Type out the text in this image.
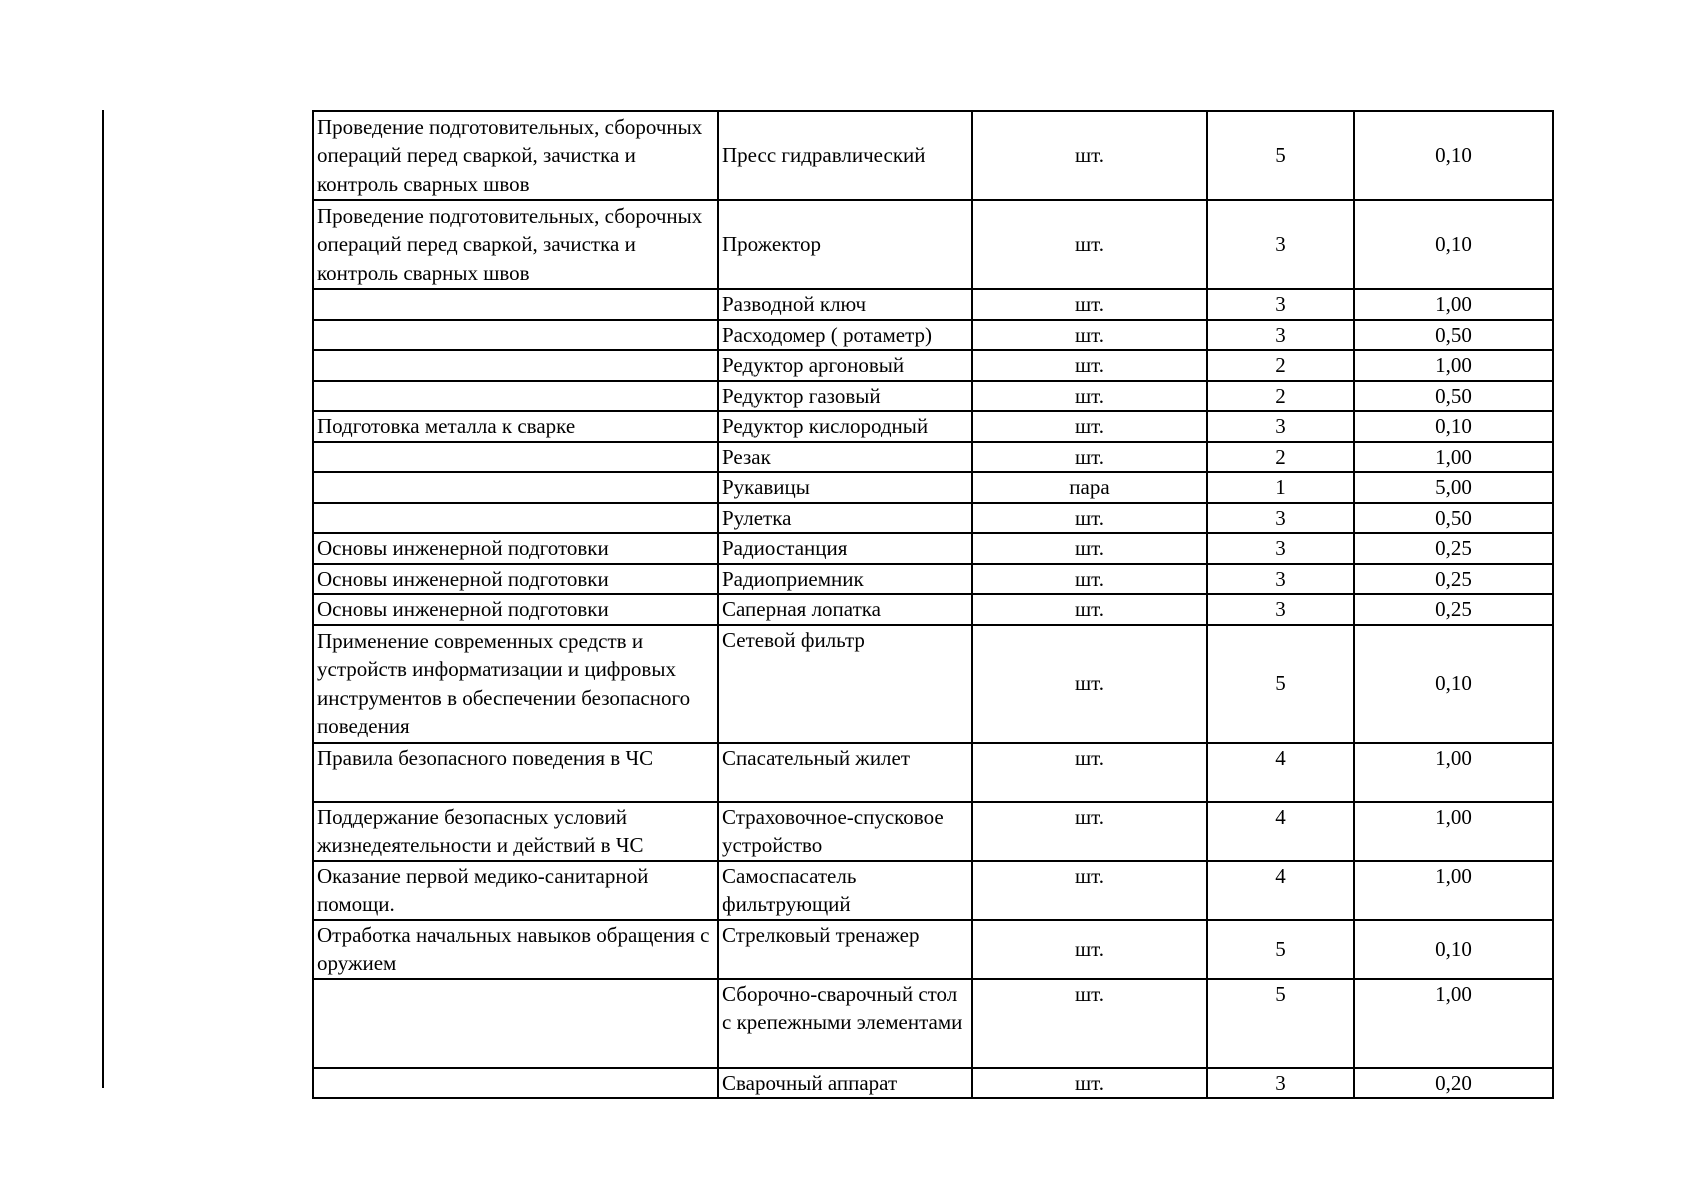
Проведение подготовительных, сборочных операций перед сваркой, зачистка и контроль сварных швов	Пресс гидравлический	шт.	5	0,10
Проведение подготовительных, сборочных операций перед сваркой, зачистка и контроль сварных швов	Прожектор	шт.	3	0,10
	Разводной ключ	шт.	3	1,00
	Расходомер ( ротаметр)	шт.	3	0,50
	Редуктор аргоновый	шт.	2	1,00
	Редуктор газовый	шт.	2	0,50
Подготовка металла к сварке	Редуктор кислородный	шт.	3	0,10
	Резак	шт.	2	1,00
	Рукавицы	пара	1	5,00
	Рулетка	шт.	3	0,50
Основы инженерной подготовки	Радиостанция	шт.	3	0,25
Основы инженерной подготовки	Радиоприемник	шт.	3	0,25
Основы инженерной подготовки	Саперная лопатка	шт.	3	0,25
Применение современных средств и устройств информатизации и цифровых инструментов в обеспечении безопасного поведения	Сетевой фильтр	шт.	5	0,10
Правила безопасного поведения в ЧС	Спасательный жилет	шт.	4	1,00
Поддержание безопасных условий жизнедеятельности и действий в ЧС	Страховочное-спусковое устройство	шт.	4	1,00
Оказание первой медико-санитарной помощи.	Самоспасатель фильтрующий	шт.	4	1,00
Отработка начальных навыков обращения с оружием	Стрелковый тренажер	шт.	5	0,10
	Сборочно-сварочный стол с крепежными элементами	шт.	5	1,00
	Сварочный аппарат	шт.	3	0,20
